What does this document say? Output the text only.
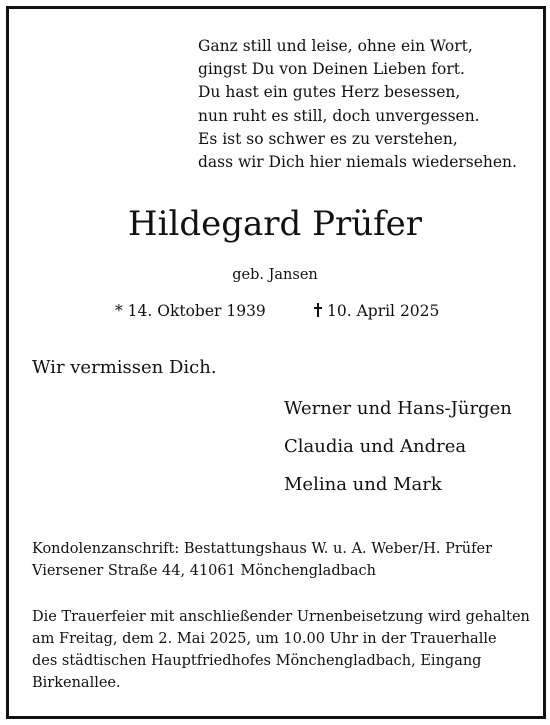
Ganz still und leise, ohne ein Wort,
gingst Du von Deinen Lieben fort.
Du hast ein gutes Herz besessen,
nun ruht es still, doch unvergessen.
Es ist so schwer es zu verstehen,
dass wir Dich hier niemals wiedersehen.
Hildegard Prüfer
geb. Jansen
* 14. Oktober 1939	10. April 2025
Wir vermissen Dich.
Werner und Hans-Jürgen
Claudia und Andrea
Melina und Mark
Kondolenzanschrift: Bestattungshaus W. u. A. Weber/H. Prüfer
Viersener Straße 44, 41061 Mönchengladbach
Die Trauerfeier mit anschließender Urnenbeisetzung wird gehalten
am Freitag, dem 2. Mai 2025, um 10.00 Uhr in der Trauerhalle
des städtischen Hauptfriedhofes Mönchengladbach, Eingang
Birkenallee.
